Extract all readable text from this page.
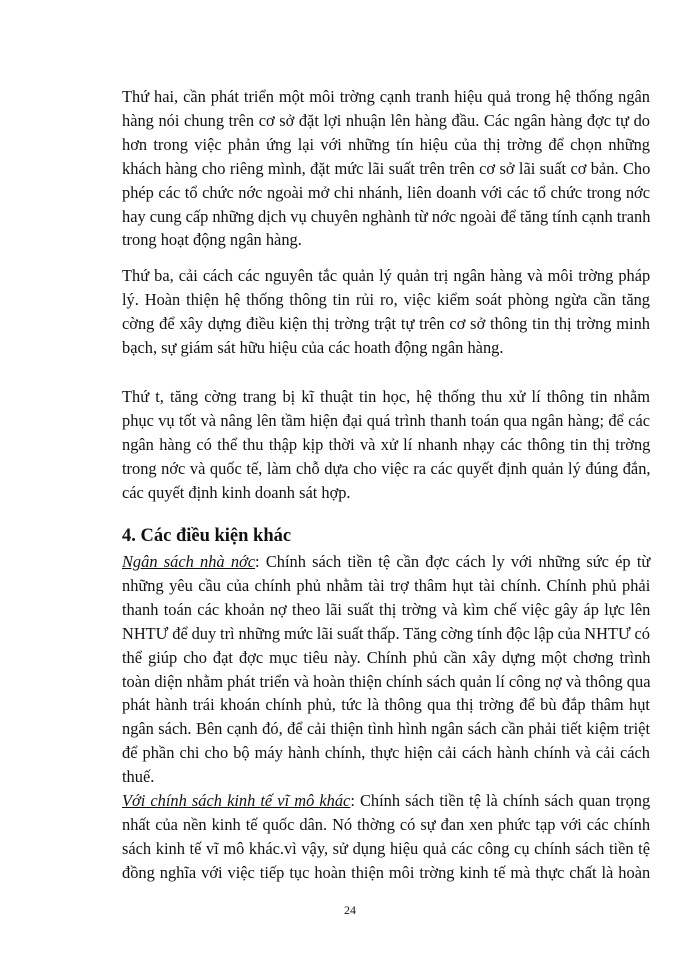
Thứ hai, cần phát triển một môi trờng cạnh tranh hiệu quả trong hệ thống ngân
hàng nói chung trên cơ sở đặt lợi nhuận lên hàng đầu. Các ngân hàng đợc tự do
hơn trong việc phản ứng lại với những tín hiệu của thị trờng để chọn những
khách hàng cho riêng mình, đặt mức lãi suất trên trên cơ sở lãi suất cơ bản. Cho
phép các tổ chức nớc ngoài mở chi nhánh, liên doanh với các tổ chức trong nớc
hay cung cấp những dịch vụ chuyên nghành từ nớc ngoài để tăng tính cạnh tranh
trong hoạt động ngân hàng.
Thứ ba, cải cách các nguyên tắc quản lý quản trị ngân hàng và môi trờng pháp
lý. Hoàn thiện hệ thống thông tin rủi ro, việc kiểm soát phòng ngừa cần tăng
cờng để xây dựng điều kiện thị trờng trật tự trên cơ sở thông tin thị trờng minh
bạch, sự giám sát hữu hiệu của các hoath động ngân hàng.
Thứ t, tăng cờng trang bị kĩ thuật tin học, hệ thống thu xử lí thông tin nhằm
phục vụ tốt và nâng lên tầm hiện đại quá trình thanh toán qua ngân hàng; để các
ngân hàng có thể thu thập kịp thời và xử lí nhanh nhạy các thông tin thị trờng
trong nớc và quốc tế, làm chỗ dựa cho việc ra các quyết định quản lý đúng đắn,
các quyết định kinh doanh sát hợp.
4. Các điều kiện khác
Ngân sách nhà nớc: Chính sách tiền tệ cần đợc cách ly với những sức ép từ
những yêu cầu của chính phủ nhằm tài trợ thâm hụt tài chính. Chính phủ phải
thanh toán các khoản nợ theo lãi suất thị trờng và kìm chế việc gây áp lực lên
NHTƯ để duy trì những mức lãi suất thấp. Tăng cờng tính độc lập của NHTƯ có
thể giúp cho đạt đợc mục tiêu này. Chính phủ cần xây dựng một chơng trình
toàn diện nhằm phát triển và hoàn thiện chính sách quản lí công nợ và thông qua
phát hành trái khoán chính phủ, tức là thông qua thị trờng để bù đắp thâm hụt
ngân sách. Bên cạnh đó, để cải thiện tình hình ngân sách cần phải tiết kiệm triệt
để phần chi cho bộ máy hành chính, thực hiện cải cách hành chính và cải cách
thuế.
Với chính sách kinh tế vĩ mô khác: Chính sách tiền tệ là chính sách quan trọng
nhất của nền kinh tế quốc dân. Nó thờng có sự đan xen phức tạp với các chính
sách kinh tế vĩ mô khác.vì vậy, sử dụng hiệu quả các công cụ chính sách tiền tệ
đồng nghĩa với việc tiếp tục hoàn thiện môi trờng kinh tế mà thực chất là hoàn
24
